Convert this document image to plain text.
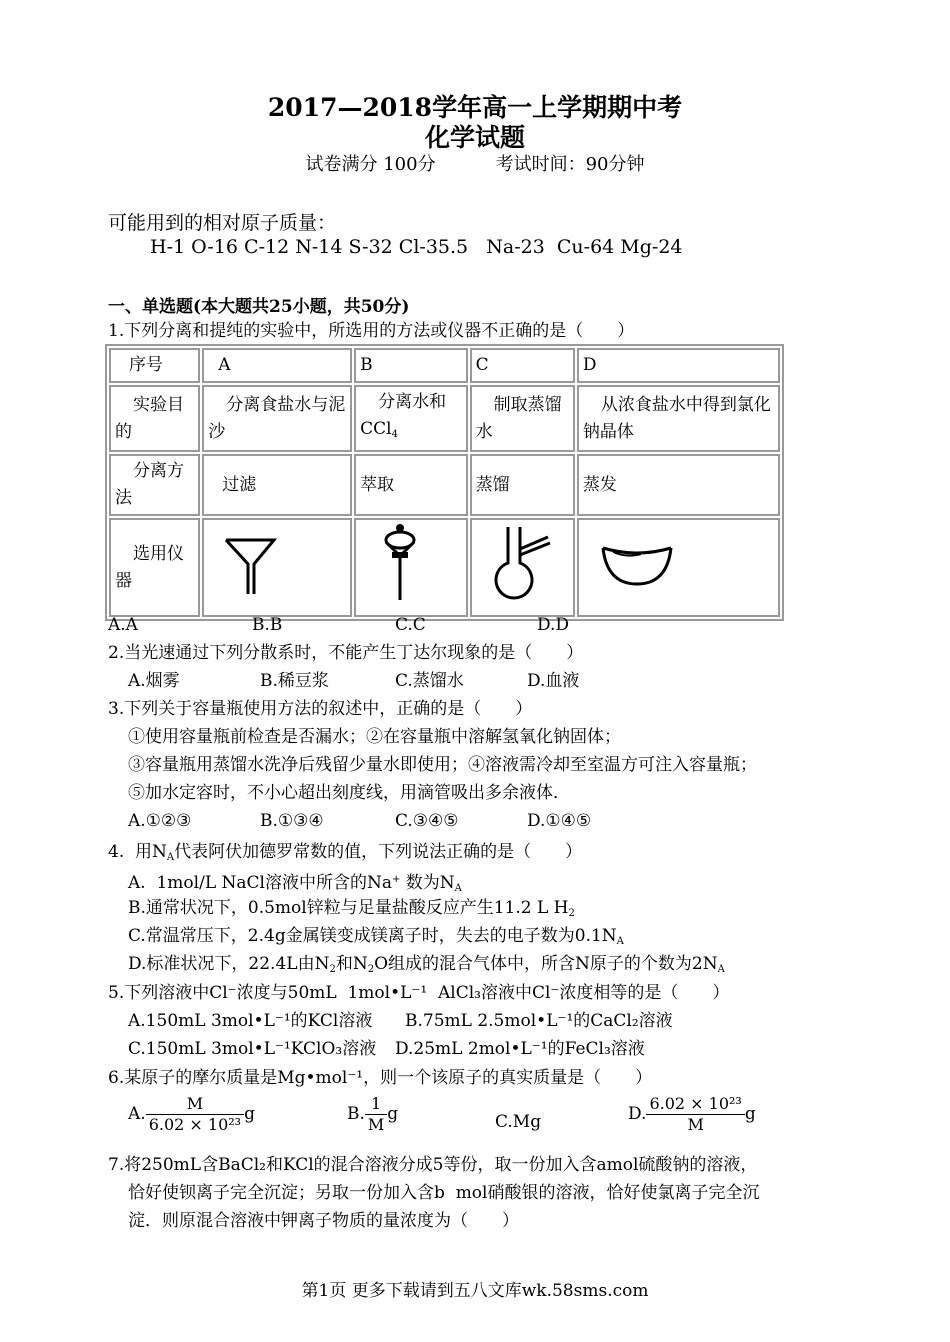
2017—2018学年高一上学期期中考
化学试题
试卷满分 100分	考试时间：90分钟
可能用到的相对原子质量：
H-1 O-16 C-12 N-14 S-32 Cl-35.5   Na-23  Cu-64 Mg-24
一、单选题(本大题共25小题，共50分)
1.下列分离和提纯的实验中，所选用的方法或仪器不正确的是（　　）
序号	A	B	C	D
实验目的	分离食盐水与泥沙	分离水和CCl$_4$	制取蒸馏水	从浓食盐水中得到氯化钠晶体
分离方法	过滤	萃取	蒸馏	蒸发
选用仪器				
A.A	B.B	C.C	D.D
2.当光速通过下列分散系时，不能产生丁达尔现象的是（　　）
A.烟雾	B.稀豆浆	C.蒸馏水	D.血液
3.下列关于容量瓶使用方法的叙述中，正确的是（　　）
①使用容量瓶前检查是否漏水；②在容量瓶中溶解氢氧化钠固体；
③容量瓶用蒸馏水洗净后残留少量水即使用；④溶液需冷却至室温方可注入容量瓶；
⑤加水定容时，不小心超出刻度线，用滴管吸出多余液体．
A.①②③	B.①③④	C.③④⑤	D.①④⑤
4.  用$N_A$代表阿伏加德罗常数的值，下列说法正确的是（　　）
A.  1mol/L NaCl溶液中所含的Na+ 数为$N_A$
B.通常状况下，0.5mol锌粒与足量盐酸反应产生11.2 L $H_2$
C.常温常压下，2.4g金属镁变成镁离子时，失去的电子数为$0.1N_A$
D.标准状况下，22.4L由$N_2$和$N_2O$组成的混合气体中，所含N原子的个数为$2N_A$
5.下列溶液中Cl⁻浓度与50mL  1mol•L⁻¹  AlCl₃溶液中Cl⁻浓度相等的是（　　）
A.150mL 3mol•L⁻¹的KCl溶液 B.75mL 2.5mol•L⁻¹的CaCl₂溶液
C.150mL 3mol•L⁻¹KClO₃溶液 D.25mL 2mol•L⁻¹的FeCl₃溶液
6.某原子的摩尔质量是Mg•mol⁻¹，则一个该原子的真实质量是（　　）
A. $\frac{M}{\text{6.02 × 10²³}}$ g	B. $\frac{1}{M}$ g	C.Mg	D. $\frac{\text{6.02 × 10²³}}{M}$ g
7.将250mL含BaCl₂和KCl的混合溶液分成5等份，取一份加入含amol硫酸钠的溶液，
恰好使钡离子完全沉淀；另取一份加入含b  mol硝酸银的溶液，恰好使氯离子完全沉
淀．则原混合溶液中钾离子物质的量浓度为（　　）
第1页 更多下载请到五八文库wk.58sms.com
